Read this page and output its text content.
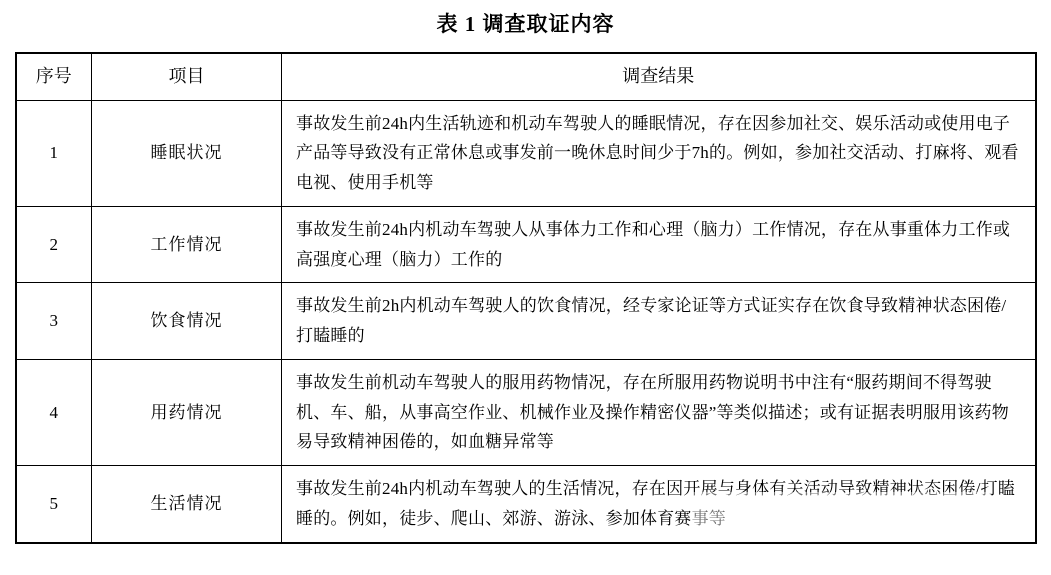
表 1 调查取证内容
序号	项目	调查结果
1	睡眠状况	事故发生前24h内生活轨迹和机动车驾驶人的睡眠情况，存在因参加社交、娱乐活动或使用电子产品等导致没有正常休息或事发前一晚休息时间少于7h的。例如，参加社交活动、打麻将、观看电视、使用手机等
2	工作情况	事故发生前24h内机动车驾驶人从事体力工作和心理（脑力）工作情况，存在从事重体力工作或高强度心理（脑力）工作的
3	饮食情况	事故发生前2h内机动车驾驶人的饮食情况，经专家论证等方式证实存在饮食导致精神状态困倦/打瞌睡的
4	用药情况	事故发生前机动车驾驶人的服用药物情况，存在所服用药物说明书中注有“服药期间不得驾驶机、车、船，从事高空作业、机械作业及操作精密仪器”等类似描述；或有证据表明服用该药物易导致精神困倦的，如血糖异常等
5	生活情况	事故发生前24h内机动车驾驶人的生活情况，存在因开展与身体有关活动导致精神状态困倦/打瞌睡的。例如，徒步、爬山、郊游、游泳、参加体育赛事等
